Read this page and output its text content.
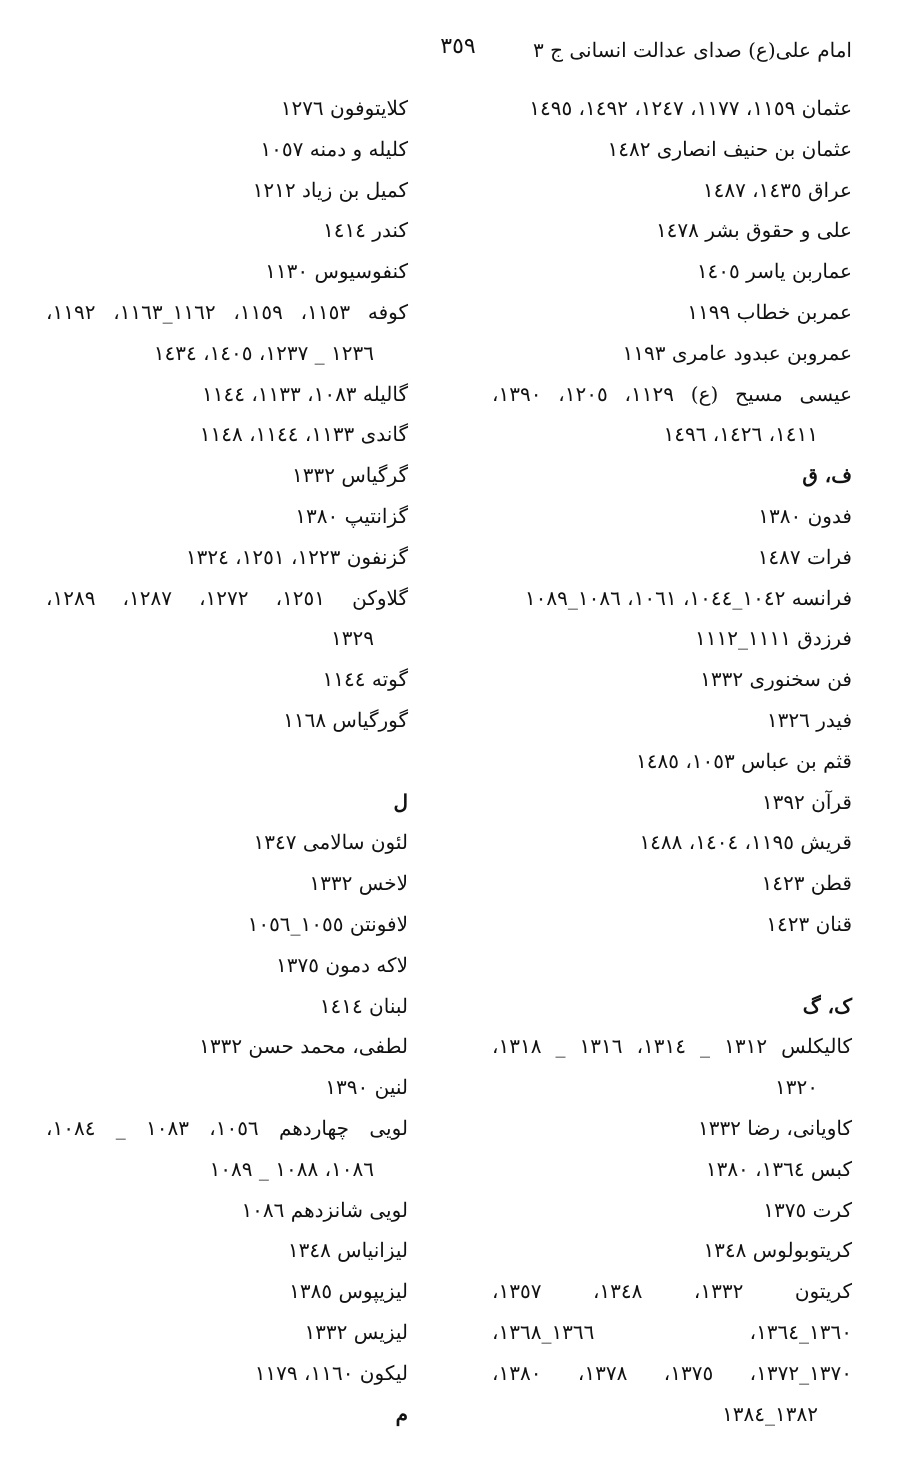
امام علی(ع) صدای عدالت انسانی ج ٣
٣٥٩
عثمان ١١٥٩، ١١٧٧، ١٢٤٧، ١٤٩٢، ١٤٩٥
عثمان بن حنیف انصاری ١٤٨٢
عراق ١٤٣٥، ١٤٨٧
علی و حقوق بشر ١٤٧٨
عماربن یاسر ١٤٠٥
عمربن خطاب ١١٩٩
عمروبن عبدود عامری ١١٩٣
عیسی مسیح (ع) ١١٢٩، ١٢٠٥، ١٣٩٠،
١٤١١، ١٤٢٦، ١٤٩٦
ف، ق
فدون ١٣٨٠
فرات ١٤٨٧
فرانسه ١٠٤٢_١٠٤٤، ١٠٦١، ١٠٨٦_١٠٨٩
فرزدق ١١١١_١١١٢
فن سخنوری ١٣٣٢
فیدر ١٣٢٦
قثم بن عباس ١٠٥٣، ١٤٨٥
قرآن ١٣٩٢
قریش ١١٩٥، ١٤٠٤، ١٤٨٨
قطن ١٤٢٣
قنان ١٤٢٣
ک، گ
کالیکلس ١٣١٢ _ ١٣١٤، ١٣١٦ _ ١٣١٨،
١٣٢٠
کاویانی، رضا ١٣٣٢
کبس ١٣٦٤، ١٣٨٠
کرت ١٣٧٥
کریتوبولوس ١٣٤٨
کریتون ١٣٣٢، ١٣٤٨، ١٣٥٧،
١٣٦٠_١٣٦٤، ١٣٦٦_١٣٦٨،
١٣٧٠_١٣٧٢، ١٣٧٥، ١٣٧٨، ١٣٨٠،
١٣٨٢_١٣٨٤
کلایتوفون ١٢٧٦
کلیله و دمنه ١٠٥٧
کمیل بن زیاد ١٢١٢
کندر ١٤١٤
کنفوسیوس ١١٣٠
کوفه ١١٥٣، ١١٥٩، ١١٦٢_١١٦٣، ١١٩٢،
١٢٣٦ _ ١٢٣٧، ١٤٠٥، ١٤٣٤
گالیله ١٠٨٣، ١١٣٣، ١١٤٤
گاندی ١١٣٣، ١١٤٤، ١١٤٨
گرگیاس ١٣٣٢
گزانتیپ ١٣٨٠
گزنفون ١٢٢٣، ١٢٥١، ١٣٢٤
گلاوکن ١٢٥١، ١٢٧٢، ١٢٨٧، ١٢٨٩،
١٣٢٩
گوته ١١٤٤
گورگیاس ١١٦٨
ل
لئون سالامی ١٣٤٧
لاخس ١٣٣٢
لافونتن ١٠٥٥_١٠٥٦
لاکه دمون ١٣٧٥
لبنان ١٤١٤
لطفی، محمد حسن ١٣٣٢
لنین ١٣٩٠
لویی چهاردهم ١٠٥٦، ١٠٨٣ _ ١٠٨٤،
١٠٨٦، ١٠٨٨ _ ١٠٨٩
لویی شانزدهم ١٠٨٦
لیزانیاس ١٣٤٨
لیزیپوس ١٣٨٥
لیزیس ١٣٣٢
لیکون ١١٦٠، ١١٧٩
م
